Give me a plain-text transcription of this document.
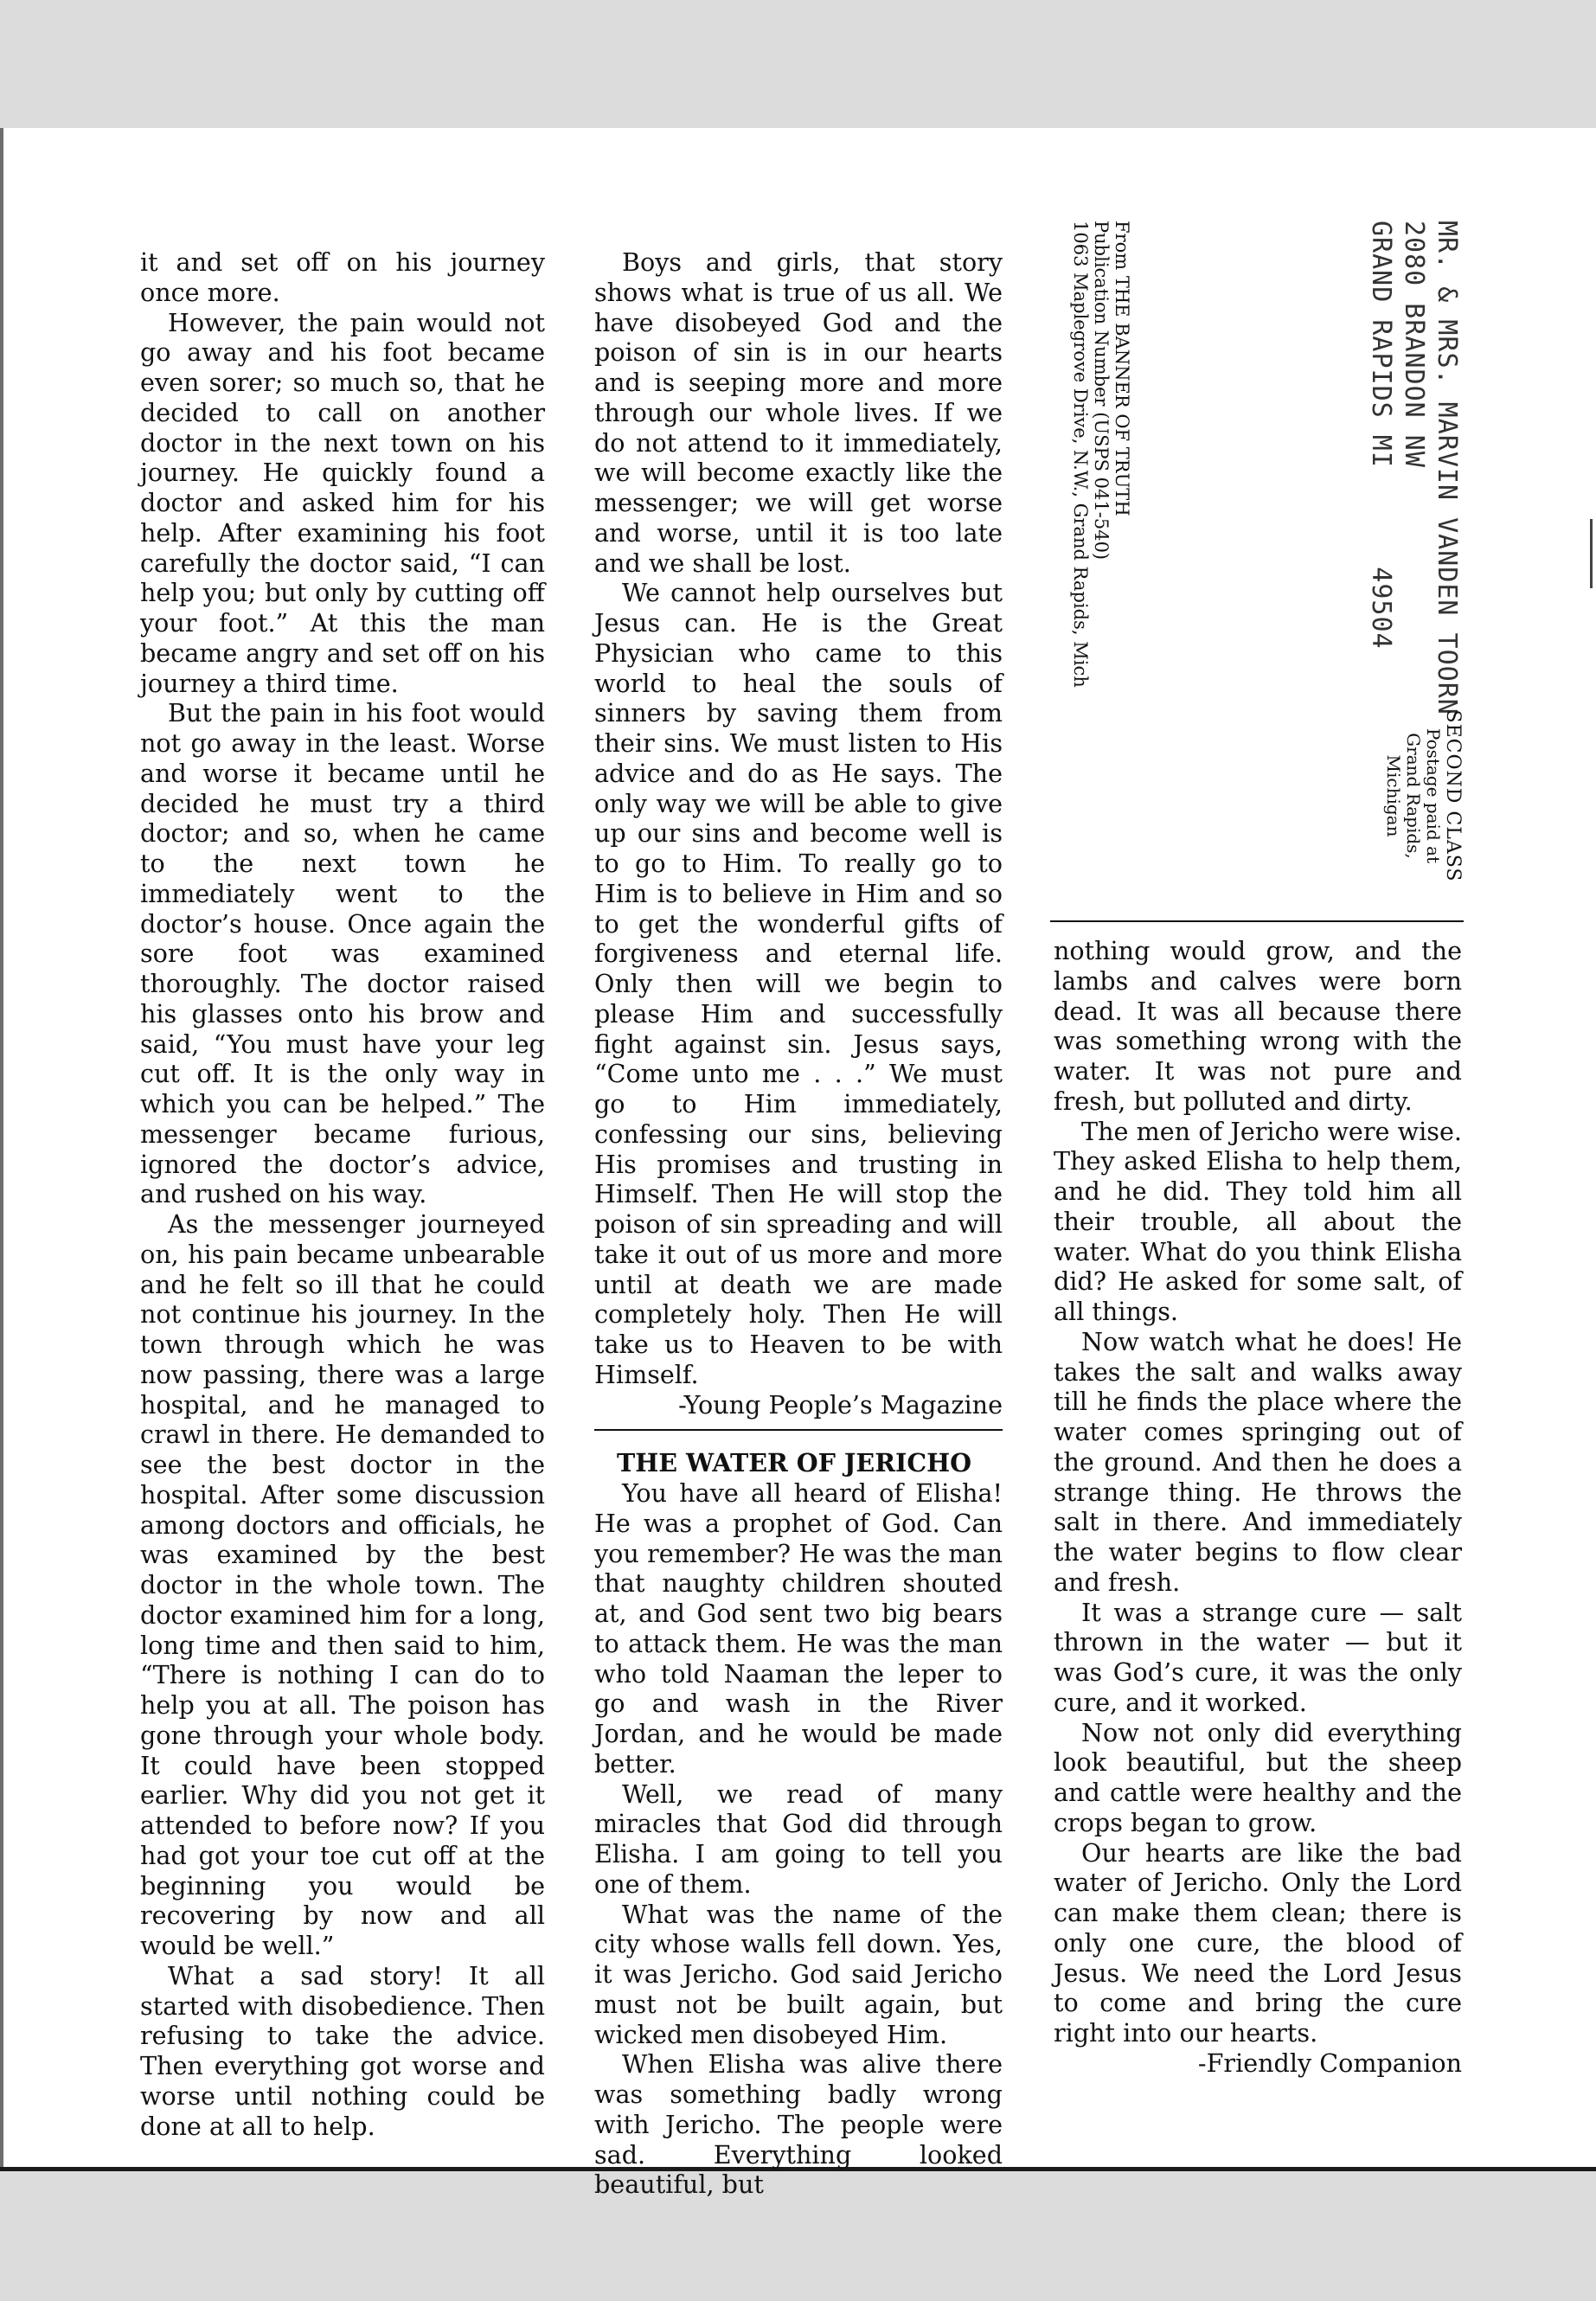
it and set off on his journey once more.

However, the pain would not go away and his foot became even sorer; so much so, that he decided to call on another doctor in the next town on his journey. He quickly found a doctor and asked him for his help. After examining his foot carefully the doctor said, “I can help you; but only by cutting off your foot.” At this the man became angry and set off on his journey a third time.

But the pain in his foot would not go away in the least. Worse and worse it became until he decided he must try a third doctor; and so, when he came to the next town he immediately went to the doctor’s house. Once again the sore foot was examined thoroughly. The doctor raised his glasses onto his brow and said, “You must have your leg cut off. It is the only way in which you can be helped.” The messenger became furious, ignored the doctor’s advice, and rushed on his way.

As the messenger journeyed on, his pain became unbearable and he felt so ill that he could not continue his journey. In the town through which he was now passing, there was a large hospital, and he managed to crawl in there. He demanded to see the best doctor in the hospital. After some discussion among doctors and officials, he was examined by the best doctor in the whole town. The doctor examined him for a long, long time and then said to him, “There is nothing I can do to help you at all. The poison has gone through your whole body. It could have been stopped earlier. Why did you not get it attended to before now? If you had got your toe cut off at the beginning you would be recovering by now and all would be well.”

What a sad story! It all started with disobedience. Then refusing to take the advice. Then everything got worse and worse until nothing could be done at all to help.

Boys and girls, that story shows what is true of us all. We have disobeyed God and the poison of sin is in our hearts and is seeping more and more through our whole lives. If we do not attend to it immediately, we will become exactly like the messenger; we will get worse and worse, until it is too late and we shall be lost.

We cannot help ourselves but Jesus can. He is the Great Physician who came to this world to heal the souls of sinners by saving them from their sins. We must listen to His advice and do as He says. The only way we will be able to give up our sins and become well is to go to Him. To really go to Him is to believe in Him and so to get the wonderful gifts of forgiveness and eternal life. Only then will we begin to please Him and successfully fight against sin. Jesus says, “Come unto me . . .” We must go to Him immediately, confessing our sins, believing His promises and trusting in Himself. Then He will stop the poison of sin spreading and will take it out of us more and more until at death we are made completely holy. Then He will take us to Heaven to be with Himself.

-Young People’s Magazine

THE WATER OF JERICHO

You have all heard of Elisha! He was a prophet of God. Can you remember? He was the man that naughty children shouted at, and God sent two big bears to attack them. He was the man who told Naaman the leper to go and wash in the River Jordan, and he would be made better.

Well, we read of many miracles that God did through Elisha. I am going to tell you one of them.

What was the name of the city whose walls fell down. Yes, it was Jericho. God said Jericho must not be built again, but wicked men disobeyed Him.

When Elisha was alive there was something badly wrong with Jericho. The people were sad. Everything looked beautiful, but

MR. & MRS. MARVIN VANDEN TOORN
2080 BRANDON NW
GRAND RAPIDS MI      49504
SECOND CLASS
Postage paid at
Grand Rapids, Michigan
From THE BANNER OF TRUTH
Publication Number (USPS 041-540)
1063 Maplegrove Drive, N.W., Grand Rapids, Mich

nothing would grow, and the lambs and calves were born dead. It was all because there was something wrong with the water. It was not pure and fresh, but polluted and dirty.

The men of Jericho were wise. They asked Elisha to help them, and he did. They told him all their trouble, all about the water. What do you think Elisha did? He asked for some salt, of all things.

Now watch what he does! He takes the salt and walks away till he finds the place where the water comes springing out of the ground. And then he does a strange thing. He throws the salt in there. And immediately the water begins to flow clear and fresh.

It was a strange cure — salt thrown in the water — but it was God’s cure, it was the only cure, and it worked.

Now not only did everything look beautiful, but the sheep and cattle were healthy and the crops began to grow.

Our hearts are like the bad water of Jericho. Only the Lord can make them clean; there is only one cure, the blood of Jesus. We need the Lord Jesus to come and bring the cure right into our hearts.

-Friendly Companion
